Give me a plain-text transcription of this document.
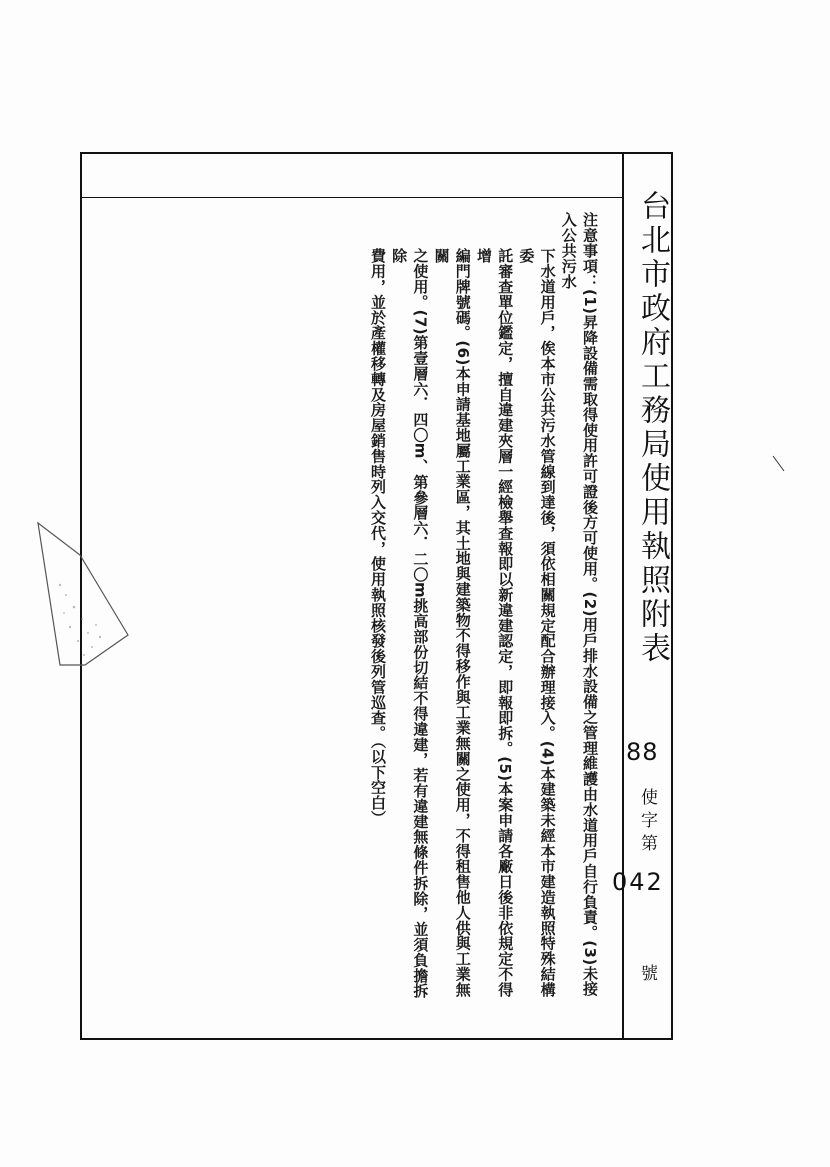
台北市政府工務局使用執照附表
88
使字第
042
號

注意事項：(1)昇降設備需取得使用許可證後方可使用。(2)用戶排水設備之管理維護由水道用戶自行負責。(3)未接入公共污水

下水道用戶，俟本市公共污水管線到達後，須依相關規定配合辦理接入。(4)本建築未經本市建造執照特殊結構委

託審查單位鑑定，擅自違建夾層一經檢舉查報即以新違建認定，即報即拆。(5)本案申請各廠日後非依規定不得增

編門牌號碼。(6)本申請基地屬工業區，其土地與建築物不得移作與工業無關之使用，不得租售他人供與工業無關

之使用。(7)第壹層六．四〇m、第參層六．二〇m挑高部份切結不得違建，若有違建無條件拆除，並須負擔拆除

費用，並於產權移轉及房屋銷售時列入交代，使用執照核發後列管巡查。（以下空白）
